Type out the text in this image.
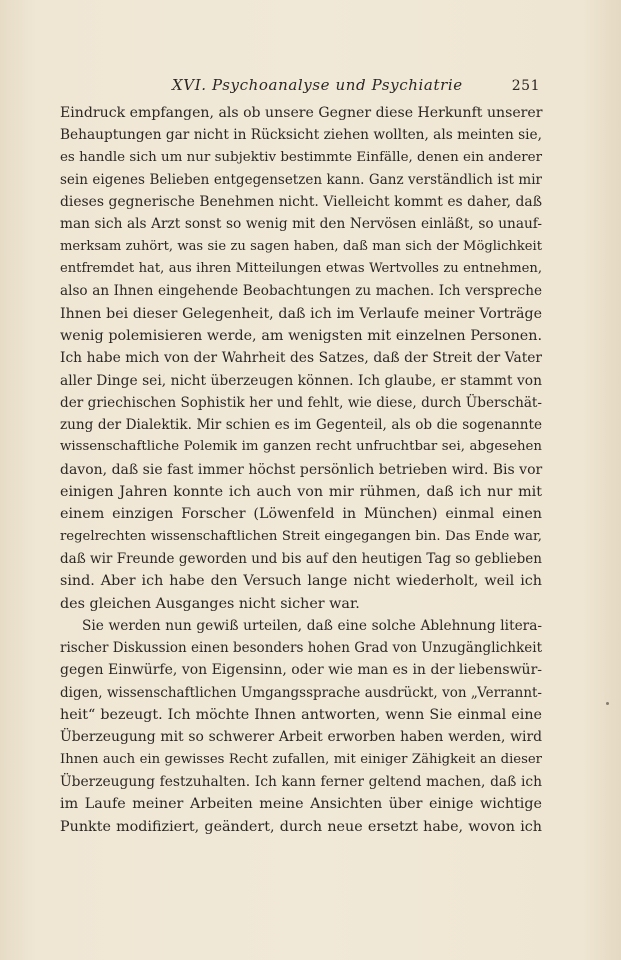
XVI. Psychoanalyse und Psychiatrie	251
Eindruck empfangen, als ob unsere Gegner diese Herkunft unserer
Behauptungen gar nicht in Rücksicht ziehen wollten, als meinten sie,
es handle sich um nur subjektiv bestimmte Einfälle, denen ein anderer
sein eigenes Belieben entgegensetzen kann. Ganz verständlich ist mir
dieses gegnerische Benehmen nicht. Vielleicht kommt es daher, daß
man sich als Arzt sonst so wenig mit den Nervösen einläßt, so unauf-
merksam zuhört, was sie zu sagen haben, daß man sich der Möglichkeit
entfremdet hat, aus ihren Mitteilungen etwas Wertvolles zu entnehmen,
also an Ihnen eingehende Beobachtungen zu machen. Ich verspreche
Ihnen bei dieser Gelegenheit, daß ich im Verlaufe meiner Vorträge
wenig polemisieren werde, am wenigsten mit einzelnen Personen.
Ich habe mich von der Wahrheit des Satzes, daß der Streit der Vater
aller Dinge sei, nicht überzeugen können. Ich glaube, er stammt von
der griechischen Sophistik her und fehlt, wie diese, durch Überschät-
zung der Dialektik. Mir schien es im Gegenteil, als ob die sogenannte
wissenschaftliche Polemik im ganzen recht unfruchtbar sei, abgesehen
davon, daß sie fast immer höchst persönlich betrieben wird. Bis vor
einigen Jahren konnte ich auch von mir rühmen, daß ich nur mit
einem einzigen Forscher (Löwenfeld in München) einmal einen
regelrechten wissenschaftlichen Streit eingegangen bin. Das Ende war,
daß wir Freunde geworden und bis auf den heutigen Tag so geblieben
sind. Aber ich habe den Versuch lange nicht wiederholt, weil ich
des gleichen Ausganges nicht sicher war.
Sie werden nun gewiß urteilen, daß eine solche Ablehnung litera-
rischer Diskussion einen besonders hohen Grad von Unzugänglichkeit
gegen Einwürfe, von Eigensinn, oder wie man es in der liebenswür-
digen, wissenschaftlichen Umgangssprache ausdrückt, von „Verrannt-
heit“ bezeugt. Ich möchte Ihnen antworten, wenn Sie einmal eine
Überzeugung mit so schwerer Arbeit erworben haben werden, wird
Ihnen auch ein gewisses Recht zufallen, mit einiger Zähigkeit an dieser
Überzeugung festzuhalten. Ich kann ferner geltend machen, daß ich
im Laufe meiner Arbeiten meine Ansichten über einige wichtige
Punkte modifiziert, geändert, durch neue ersetzt habe, wovon ich
